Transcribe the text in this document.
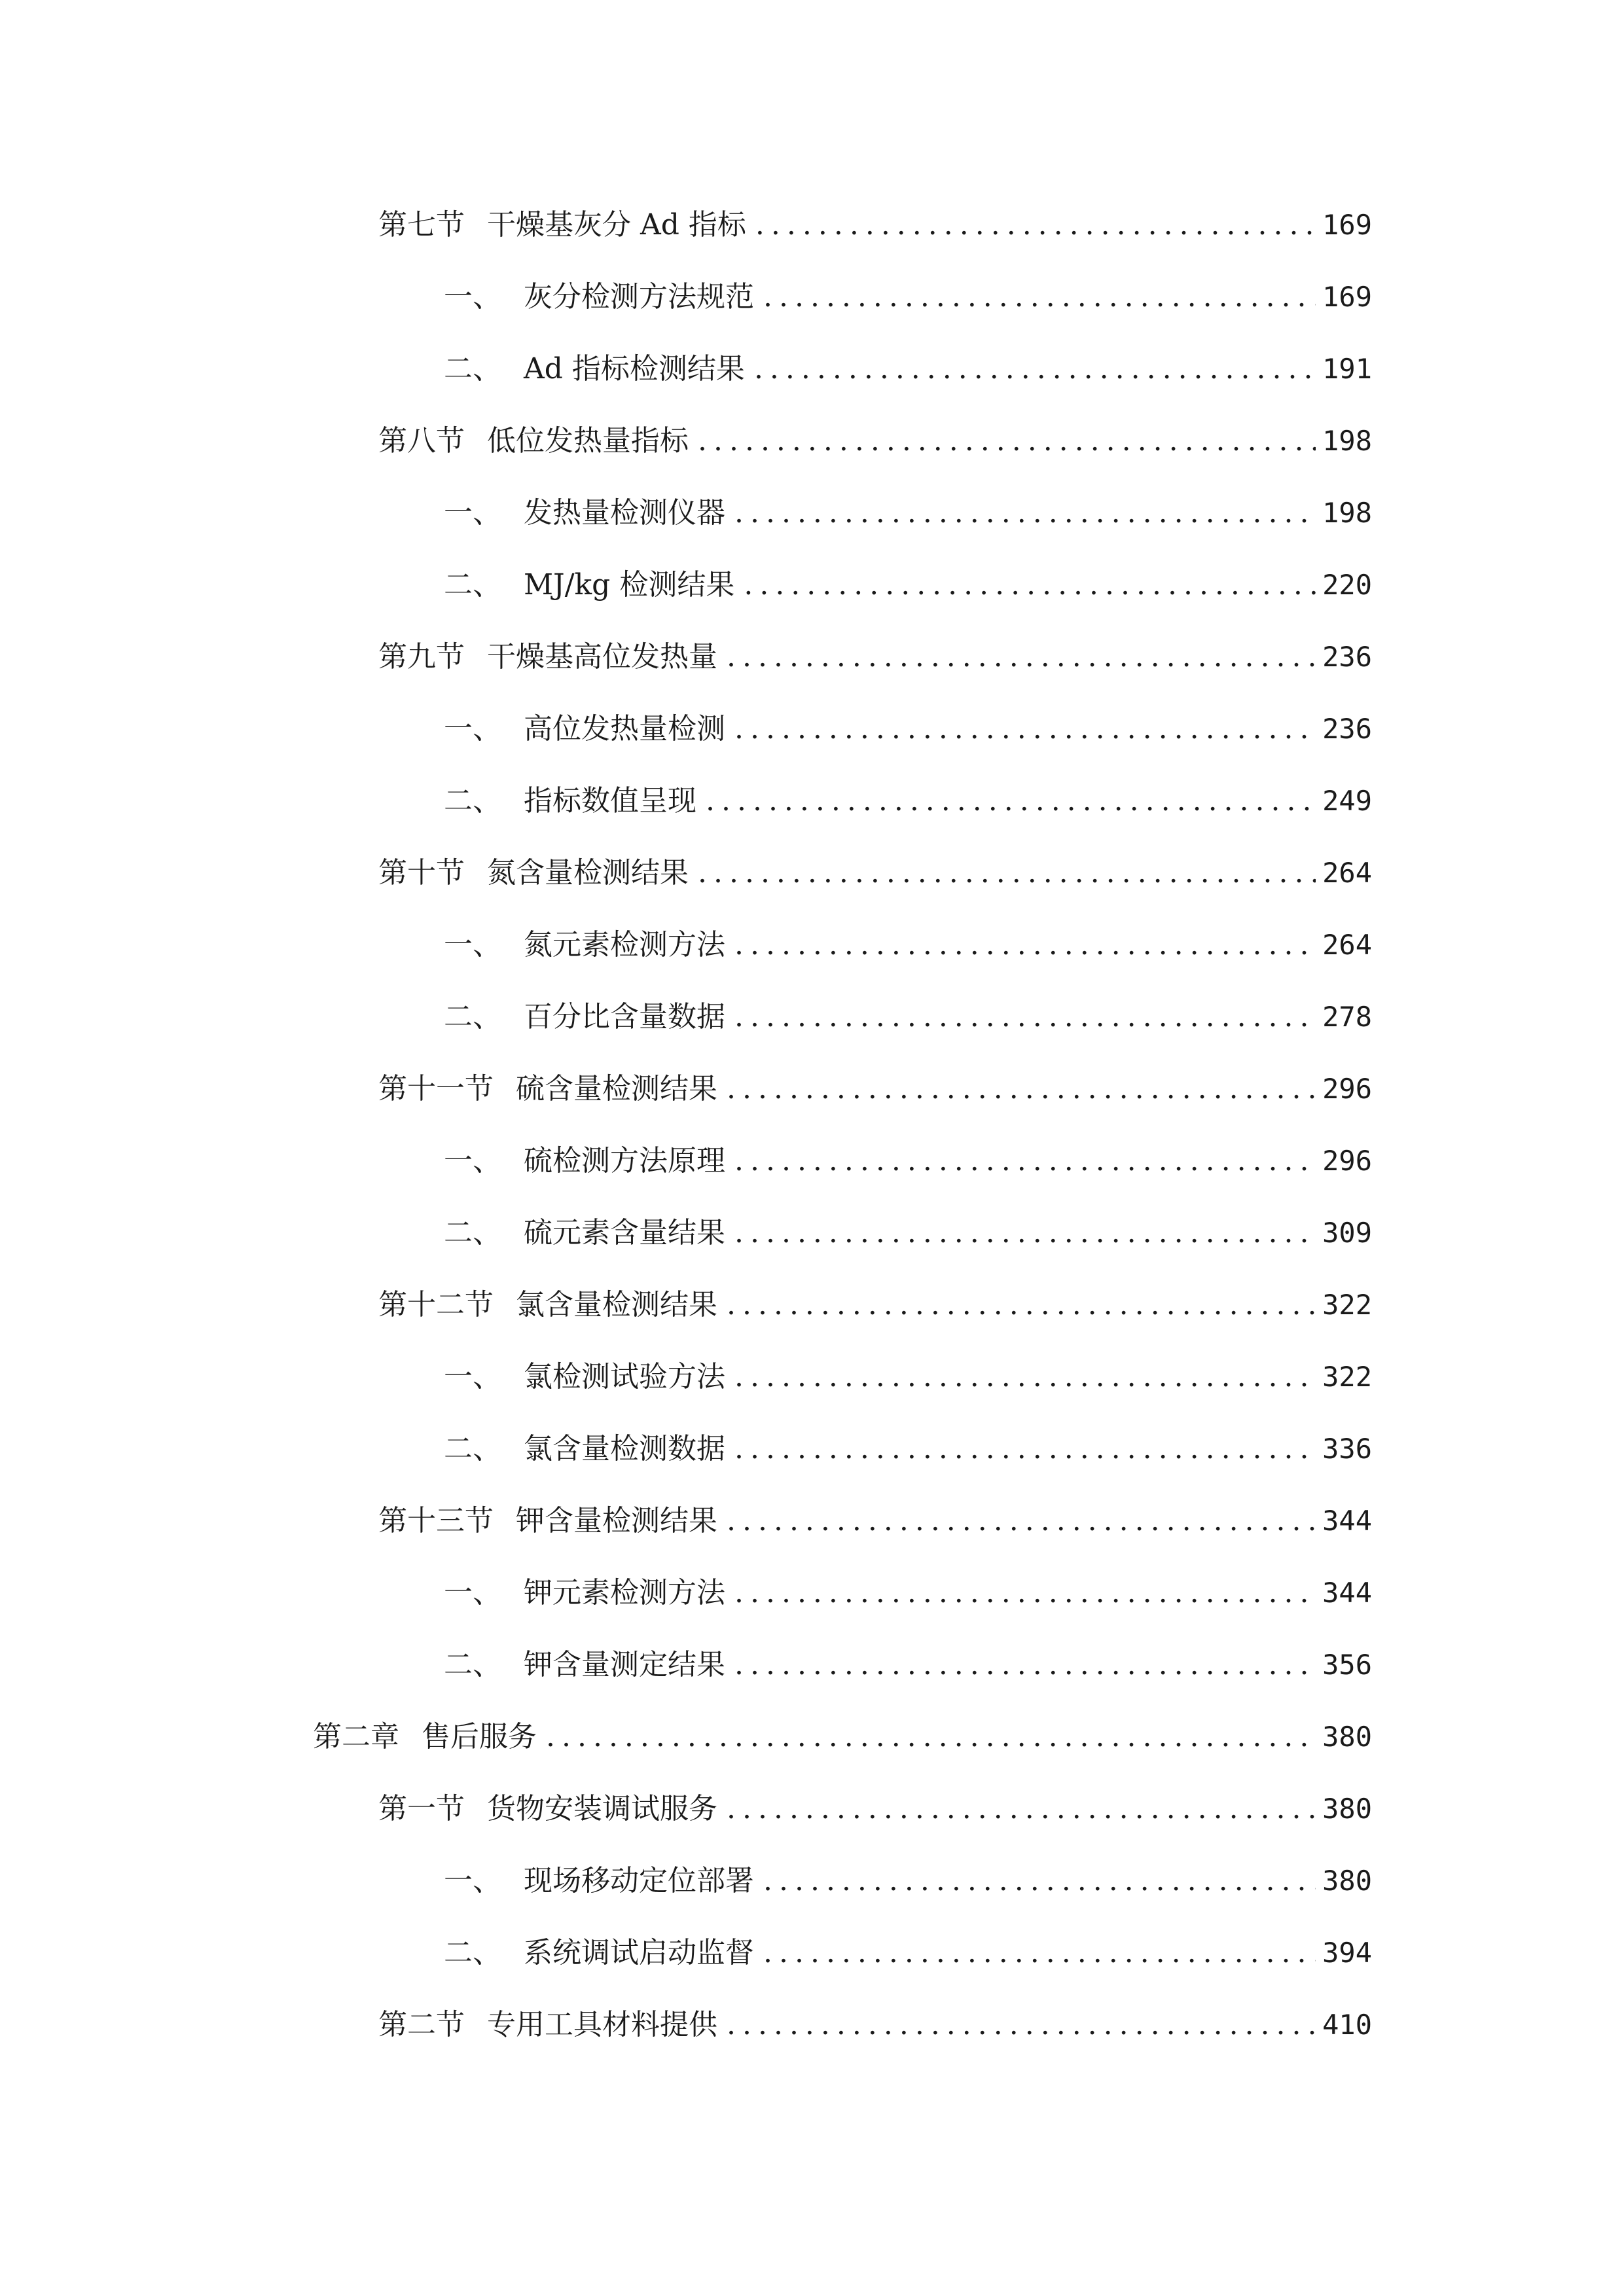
第七节 干燥基灰分 Ad 指标 .....	169
一、 灰分检测方法规范 .....	169
二、 Ad 指标检测结果 .....	191
第八节 低位发热量指标 .....	198
一、 发热量检测仪器 .....	198
二、 MJ/kg 检测结果 .....	220
第九节 干燥基高位发热量 .....	236
一、 高位发热量检测 .....	236
二、 指标数值呈现 .....	249
第十节 氮含量检测结果 .....	264
一、 氮元素检测方法 .....	264
二、 百分比含量数据 .....	278
第十一节 硫含量检测结果 .....	296
一、 硫检测方法原理 .....	296
二、 硫元素含量结果 .....	309
第十二节 氯含量检测结果 .....	322
一、 氯检测试验方法 .....	322
二、 氯含量检测数据 .....	336
第十三节 钾含量检测结果 .....	344
一、 钾元素检测方法 .....	344
二、 钾含量测定结果 .....	356
第二章 售后服务 .....	380
第一节 货物安装调试服务 .....	380
一、 现场移动定位部署 .....	380
二、 系统调试启动监督 .....	394
第二节 专用工具材料提供 .....	410
